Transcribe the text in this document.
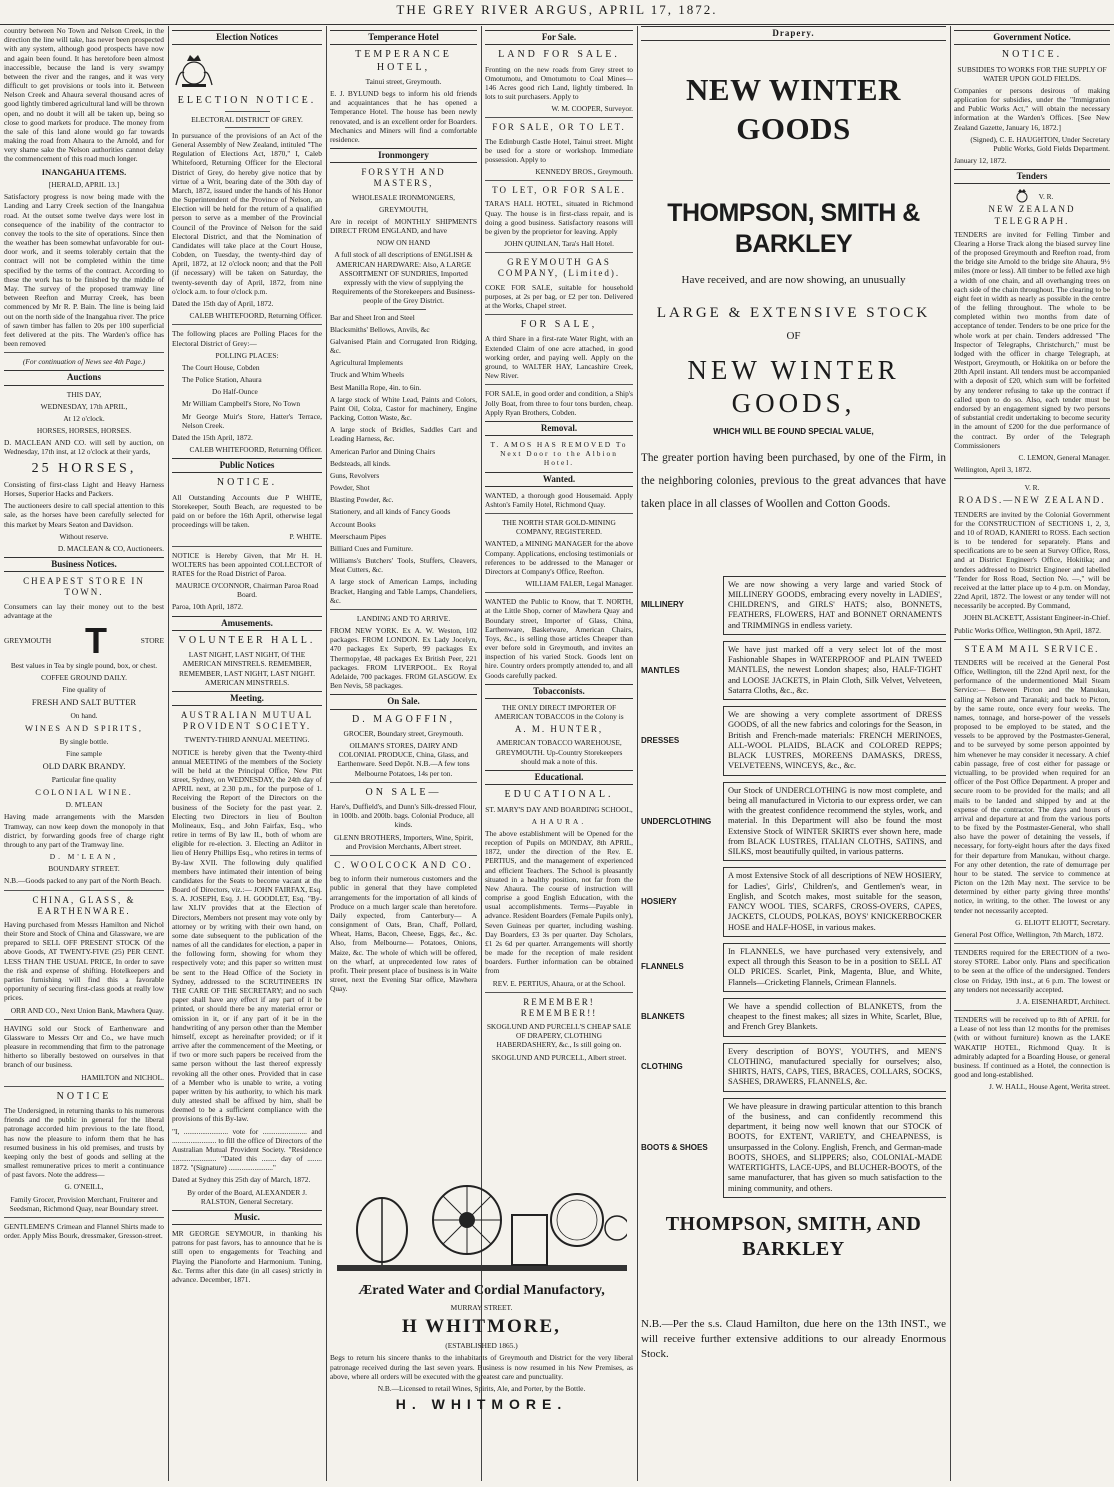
THE GREY RIVER ARGUS, APRIL 17, 1872.

country between No Town and Nelson Creek, in the direction the line will take, has never been prospected with any system, although good prospects have now and again been found. It has heretofore been almost inaccessible, because the land is very swampy between the river and the ranges, and it was very difficult to get provisions or tools into it. Between Nelson Creek and Ahaura several thousand acres of good lightly timbered agricultural land will be thrown open, and no doubt it will all be taken up, being so close to good markets for produce. The money from the sale of this land alone would go far towards making the road from Ahaura to the Arnold, and for very shame sake the Nelson authorities cannot delay the commencement of this road much longer.

INANGAHUA ITEMS.

[HERALD, APRIL 13.]

Satisfactory progress is now being made with the Landing and Larry Creek section of the Inangahua road. At the outset some twelve days were lost in consequence of the inability of the contractor to convey the tools to the site of operations. Since then the weather has been somewhat unfavorable for out-door work, and it seems tolerably certain that the contract will not be completed within the time specified by the terms of the contract. According to these the work has to be finished by the middle of May. The survey of the proposed tramway line between Reefton and Murray Creek, has been commenced by Mr R. P. Bain. The line is being laid out on the north side of the Inangahua river. The price of sawn timber has fallen to 20s per 100 superficial feet delivered at the pits. The Warden's office has been removed

(For continuation of News see 4th Page.)

Auctions

THIS DAY,

WEDNESDAY, 17th APRIL,

At 12 o'clock.

HORSES, HORSES, HORSES.

D. MACLEAN AND CO. will sell by auction, on Wednesday, 17th inst, at 12 o'clock at their yards,

25 HORSES,

Consisting of first-class Light and Heavy Harness Horses, Superior Hacks and Packers.

The auctioneers desire to call special attention to this sale, as the horses have been carefully selected for this market by Mears Seaton and Davidson.

Without reserve.

D. MACLEAN & CO, Auctioneers.

Business Notices.

CHEAPEST STORE IN TOWN.

Consumers can lay their money out to the best advantage at the

GREYMOUTH T	STORE

Best values in Tea by single pound, box, or chest.

COFFEE GROUND DAILY.

Fine quality of

FRESH AND SALT BUTTER

On hand.

WINES AND SPIRITS,

By single bottle.

Fine sample

OLD DARK BRANDY.

Particular fine quality

COLONIAL WINE.

D. M'LEAN

Having made arrangements with the Marsden Tramway, can now keep down the monopoly in that district, by forwarding goods free of charge right through to any part of the Tramway line.

D. M'LEAN,

BOUNDARY STREET.

N.B.—Goods packed to any part of the North Beach.

CHINA, GLASS, & EARTHENWARE.

Having purchased from Messrs Hamilton and Nichol their Store and Stock of China and Glassware, we are prepared to SELL OFF PRESENT STOCK Of the above Goods, AT TWENTY-FIVE (25) PER CENT. LESS THAN THE USUAL PRICE, In order to save the risk and expense of shifting. Hotelkeepers and parties furnishing will find this a favorable opportunity of securing first-class goods at really low prices.

ORR AND CO., Next Union Bank, Mawhera Quay.

HAVING sold our Stock of Earthenware and Glassware to Messrs Orr and Co., we have much pleasure in recommending that firm to the patronage hitherto so liberally bestowed on ourselves in that branch of our business.

HAMILTON and NICHOL.

NOTICE

The Undersigned, in returning thanks to his numerous friends and the public in general for the liberal patronage accorded him previous to the late flood, has now the pleasure to inform them that he has resumed business in his old premises, and trusts by keeping only the best of goods and selling at the smallest remunerative prices to merit a continuance of past favors. Note the address—

G. O'NEILL,

Family Grocer, Provision Merchant, Fruiterer and Seedsman, Richmond Quay, near Boundary street.

GENTLEMEN'S Crimean and Flannel Shirts made to order. Apply Miss Bourk, dressmaker, Gresson-street.

Election Notices

ELECTION NOTICE.

ELECTORAL DISTRICT OF GREY.

In pursuance of the provisions of an Act of the General Assembly of New Zealand, intituled "The Regulation of Elections Act, 1870," I, Caleb Whitefoord, Returning Officer for the Electoral District of Grey, do hereby give notice that by virtue of a Writ, bearing date of the 30th day of March, 1872, issued under the hands of his Honor the Superintendent of the Province of Nelson, an Election will be held for the return of a qualified person to serve as a member of the Provincial Council of the Province of Nelson for the said Electoral District, and that the Nomination of Candidates will take place at the Court House, Cobden, on Tuesday, the twenty-third day of April, 1872, at 12 o'clock noon; and that the Poll (if necessary) will be taken on Saturday, the twenty-seventh day of April, 1872, from nine o'clock a.m. to four o'clock p.m.

Dated the 15th day of April, 1872.

CALEB WHITEFOORD, Returning Officer.

The following places are Polling Places for the Electoral District of Grey:—

POLLING PLACES:

The Court House, Cobden

The Police Station, Ahaura

Do Half-Ounce

Mr William Campbell's Store, No Town

Mr George Muir's Store, Hatter's Terrace, Nelson Creek.

Dated the 15th April, 1872.

CALEB WHITEFOORD, Returning Officer.

Public Notices

NOTICE.

All Outstanding Accounts due P WHITE, Storekeeper, South Beach, are requested to be paid on or before the 16th April, otherwise legal proceedings will be taken.

P. WHITE.

NOTICE is Hereby Given, that Mr H. H. WOLTERS has been appointed COLLECTOR of RATES for the Road District of Paroa.

MAURICE O'CONNOR, Chairman Paroa Road Board.

Paroa, 10th April, 1872.

Amusements.

VOLUNTEER HALL.

LAST NIGHT, LAST NIGHT, Of THE AMERICAN MINSTRELS. REMEMBER, REMEMBER, LAST NIGHT, LAST NIGHT. AMERICAN MINSTRELS.

Meeting.

AUSTRALIAN MUTUAL PROVIDENT SOCIETY.

TWENTY-THIRD ANNUAL MEETING.

NOTICE is hereby given that the Twenty-third annual MEETING of the members of the Society will be held at the Principal Office, New Pitt street, Sydney, on WEDNESDAY, the 24th day of APRIL next, at 2.30 p.m., for the purpose of 1. Receiving the Report of the Directors on the business of the Society for the past year. 2. Electing two Directors in lieu of Boulton Molineaux, Esq., and John Fairfax, Esq., who retire in terms of By law II., both of whom are eligible for re-election. 3. Electing an Adiitor in lieu of Henry Phillips Esq., who retires in terms of By-law XVII. The following duly qualified members have intimated their intention of being candidates for the Seats to become vacant at the Board of Directors, viz.:— JOHN FAIRFAX, Esq. S. A. JOSEPH, Esq. J. H. GOODLET, Esq. "By-law XLIV provides that at the Election of Directors, Members not present may vote only by attorney or by writing with their own hand, on some date subsequent to the publication of the names of all the candidates for election, a paper in the following form, showing for whom they respectively vote; and this paper so written must be sent to the Head Office of the Society in Sydney, addressed to the SCRUTINEERS IN THE CARE OF THE SECRETARY; and no such paper shall have any effect if any part of it be printed, or should there be any material error or omission in it, or if any part of it be in the handwriting of any person other than the Member himself, except as hereinafter provided; or if it arrive after the commencement of the Meeting, or if two or more such papers be received from the same person without the last thereof expressly revoking all the other ones. Provided that in case of a Member who is unable to write, a voting paper written by his authority, to which his mark duly attested shall be affixed by him, shall be deemed to be a sufficient compliance with the provisions of this By-law.

"I, ........................ vote for ........................ and ........................ to fill the office of Directors of the Australian Mutual Provident Society. "Residence ........................ "Dated this ........ day of ........ 1872. "(Signature) ........................"

Dated at Sydney this 25th day of March, 1872.

By order of the Board, ALEXANDER J. RALSTON, General Secretary.

Music.

MR GEORGE SEYMOUR, in thanking his patrons for past favors, has to announce that he is still open to engagements for Teaching and Playing the Pianoforte and Harmonium. Tuning, &c. Terms after this date (in all cases) strictly in advance. December, 1871.

Temperance Hotel

TEMPERANCE HOTEL,

Tainui street, Greymouth.

E. J. BYLUND begs to inform his old friends and acquaintances that he has opened a Temperance Hotel. The house has been newly renovated, and is an excellent order for Boarders. Mechanics and Miners will find a comfortable residence.

Ironmongery

FORSYTH AND MASTERS,

WHOLESALE IRONMONGERS,

GREYMOUTH,

Are in receipt of MONTHLY SHIPMENTS DIRECT FROM ENGLAND, and have

NOW ON HAND

A full stock of all descriptions of ENGLISH & AMERICAN HARDWARE: Also, A LARGE ASSORTMENT OF SUNDRIES, Imported expressly with the view of supplying the Requirements of the Storekeepers and Business-people of the Grey District.

Bar and Sheet Iron and Steel

Blacksmiths' Bellows, Anvils, &c

Galvanised Plain and Corrugated Iron Ridging, &c.

Agricultural Implements

Truck and Whim Wheels

Best Manilla Rope, 4in. to 6in.

A large stock of White Lead, Paints and Colors, Paint Oil, Colza, Castor for machinery, Engine Packing, Cotton Waste, &c.

A large stock of Bridles, Saddles Cart and Leading Harness, &c.

American Parlor and Dining Chairs

Bedsteads, all kinds.

Guns, Revolvers

Powder, Shot

Blasting Powder, &c.

Stationery, and all kinds of Fancy Goods

Account Books

Meerschaum Pipes

Billiard Cues and Furniture.

Williams's Butchers' Tools, Stuffers, Cleavers, Meat Cutters, &c.

A large stock of American Lamps, including Bracket, Hanging and Table Lamps, Chandeliers, &c.

LANDING AND TO ARRIVE.

FROM NEW YORK. Ex A. W. Weston, 102 packages. FROM LONDON. Ex Lady Jocelyn, 470 packages Ex Superb, 99 packages Ex Thermopylae, 48 packages Ex British Peer, 221 packages. FROM LIVERPOOL. Ex Royal Adelaide, 700 packages. FROM GLASGOW. Ex Ben Nevis, 58 packages.

On Sale.

D. MAGOFFIN,

GROCER, Boundary street, Greymouth.

OILMAN'S STORES, DAIRY AND COLONIAL PRODUCE, China, Glass, and Earthenware. Seed Depôt. N.B.—A few tons Melbourne Potatoes, 14s per ton.

ON SALE—

Hare's, Duffield's, and Dunn's Silk-dressed Flour, in 100lb. and 200lb. bags. Colonial Produce, all kinds.

GLENN BROTHERS, Importers, Wine, Spirit, and Provision Merchants, Albert street.

C. WOOLCOCK AND CO.

beg to inform their numerous customers and the public in general that they have completed arrangements for the importation of all kinds of Produce on a much larger scale than heretofore. Daily expected, from Canterbury— A consignment of Oats, Bran, Chaff, Pollard, Wheat, Hams, Bacon, Cheese, Eggs, &c., &c. Also, from Melbourne— Potatoes, Onions, Maize, &c. The whole of which will be offered, on the wharf, at unprecedented low rates of profit. Their present place of business is in Waite street, next the Evening Star office, Mawhera Quay.

For Sale.

LAND FOR SALE.

Fronting on the new roads from Grey street to Omotumotu, and Omotumotu to Coal Mines—146 Acres good rich Land, lightly timbered. In lots to suit purchasers. Apply to

W. M. COOPER, Surveyor.

FOR SALE, OR TO LET.

The Edinburgh Castle Hotel, Tainui street. Might be used for a store or workshop. Immediate possession. Apply to

KENNEDY BROS., Greymouth.

TO LET, OR FOR SALE.

TARA'S HALL HOTEL, situated in Richmond Quay. The house is in first-class repair, and is doing a good business. Satisfactory reasons will be given by the proprietor for leaving. Apply

JOHN QUINLAN, Tara's Hall Hotel.

GREYMOUTH GAS COMPANY, (Limited).

COKE FOR SALE, suitable for household purposes, at 2s per bag, or £2 per ton. Delivered at the Works, Chapel street.

FOR SALE,

A third Share in a first-rate Water Right, with an Extended Claim of one acre attached, in good working order, and paying well. Apply on the ground, to WALTER HAY, Lancashire Creek, New River.

FOR SALE, in good order and condition, a Ship's Jolly Boat, from three to four tons burden, cheap. Apply Ryan Brothers, Cobden.

Removal.

T. AMOS HAS REMOVED To Next Door to the Albion Hotel.

Wanted.

WANTED, a thorough good Housemaid. Apply Ashton's Family Hotel, Richmond Quay.

THE NORTH STAR GOLD-MINING COMPANY, REGISTERED.

WANTED, a MINING MANAGER for the above Company. Applications, enclosing testimonials or references to be addressed to the Manager or Directors at Company's Office, Reefton.

WILLIAM FALER, Legal Manager.

WANTED the Public to Know, that T. NORTH, at the Little Shop, corner of Mawhera Quay and Boundary street, Importer of Glass, China, Earthenware, Basketware, American Chairs, Toys, &c., is selling those articles Cheaper than ever before sold in Greymouth, and invites an inspection of his varied Stock. Goods lent on hire. Country orders promptly attended to, and all Goods carefully packed.

Tobacconists.

THE ONLY DIRECT IMPORTER OF AMERICAN TOBACCOS in the Colony is

A. M. HUNTER,

AMERICAN TOBACCO WAREHOUSE, GREYMOUTH. Up-Country Storekeepers should mak a note of this.

Educational.

EDUCATIONAL.

ST. MARY'S DAY AND BOARDING SCHOOL,

AHAURA.

The above establishment will be Opened for the reception of Pupils on MONDAY, 8th APRIL, 1872, under the direction of the Rev. E. PERTIUS, and the management of experienced and efficient Teachers. The School is pleasantly situated in a healthy position, not far from the New Ahaura. The course of instruction will comprise a good English Education, with the usual accomplishments. Terms—Payable in advance. Resident Boarders (Female Pupils only), Seven Guineas per quarter, including washing. Day Boarders, £3 3s per quarter. Day Scholars, £1 2s 6d per quarter. Arrangements will shortly be made for the reception of male resident boarders. Further information can be obtained from

REV. E. PERTIUS, Ahaura, or at the School.

REMEMBER! REMEMBER!!

SKOGLUND AND PURCELL'S CHEAP SALE OF DRAPERY, CLOTHING HABERDASHERY, &c., Is still going on.

SKOGLUND AND PURCELL, Albert street.

Ærated Water and Cordial Manufactory,

MURRAY STREET.

H WHITMORE,

(ESTABLISHED 1865.)

Begs to return his sincere thanks to the inhabitants of Greymouth and District for the very liberal patronage received during the last seven years. Business is now resumed in his New Premises, as above, where all orders will be executed with the greatest care and punctuality.

N.B.—Licensed to retail Wines, Spirits, Ale, and Porter, by the Bottle.

H. WHITMORE.

Drapery.
NEW WINTER GOODS
THOMPSON, SMITH & BARKLEY
Have received, and are now showing, an unusually
LARGE & EXTENSIVE STOCK
OF
NEW WINTER GOODS,
WHICH WILL BE FOUND SPECIAL VALUE,
The greater portion having been purchased, by one of the Firm, in the neighboring colonies, previous to the great advances that have taken place in all classes of Woollen and Cotton Goods.
MILLINERY
We are now showing a very large and varied Stock of MILLINERY GOODS, embracing every novelty in LADIES', CHILDREN'S, and GIRLS' HATS; also, BONNETS, FEATHERS, FLOWERS, HAT and BONNET ORNAMENTS and TRIMMINGS in endless variety.
MANTLES
We have just marked off a very select lot of the most Fashionable Shapes in WATERPROOF and PLAIN TWEED MANTLES, the newest London shapes; also, HALF-TIGHT and LOOSE JACKETS, in Plain Cloth, Silk Velvet, Velveteen, Satarra Cloths, &c., &c.
DRESSES
We are showing a very complete assortment of DRESS GOODS, of all the new fabrics and colorings for the Season, in British and French-made materials: FRENCH MERINOES, ALL-WOOL PLAIDS, BLACK and COLORED REPPS; BLACK LUSTRES, MOREENS DAMASKS, DRESS, VELVETEENS, WINCEYS, &c., &c.
UNDERCLOTHING
Our Stock of UNDERCLOTHING is now most complete, and being all manufactured in Victoria to our express order, we can with the greatest confidence recommend the styles, work, and material. In this Department will also be found the most Extensive Stock of WINTER SKIRTS ever shown here, made from BLACK LUSTRES, ITALIAN CLOTHS, SATINS, and SILKS, most beautifully quilted, in various patterns.
HOSIERY
A most Extensive Stock of all descriptions of NEW HOSIERY, for Ladies', Girls', Children's, and Gentlemen's wear, in English, and Scotch makes, most suitable for the season, FANCY WOOL TIES, SCARFS, CROSS-OVERS, CAPES, JACKETS, CLOUDS, POLKAS, BOYS' KNICKERBOCKER HOSE and HALF-HOSE, in various makes.
FLANNELS
In FLANNELS, we have purchased very extensively, and expect all through this Season to be in a position to SELL AT OLD PRICES. Scarlet, Pink, Magenta, Blue, and White, Flannels—Cricketing Flannels, Crimean Flannels.
BLANKETS
We have a spendid collection of BLANKETS, from the cheapest to the finest makes; all sizes in White, Scarlet, Blue, and French Grey Blankets.
CLOTHING
Every description of BOYS', YOUTH'S, and MEN'S CLOTHING, manufactured specially for ourselves; also, SHIRTS, HATS, CAPS, TIES, BRACES, COLLARS, SOCKS, SASHES, DRAWERS, FLANNELS, &c.
BOOTS & SHOES
We have pleasure in drawing particular attention to this branch of the business, and can confidently recommend this department, it being now well known that our STOCK of BOOTS, for EXTENT, VARIETY, and CHEAPNESS, is unsurpassed in the Colony. English, French, and German-made BOOTS, SHOES, and SLIPPERS; also, COLONIAL-MADE WATERTIGHTS, LACE-UPS, and BLUCHER-BOOTS, of the same manufacturer, that has given so much satisfaction to the mining community, and others.
THOMPSON, SMITH, AND BARKLEY
N.B.—Per the s.s. Claud Hamilton, due here on the 13th INST., we will receive further extensive additions to our already Enormous Stock.
Government Notice.

NOTICE.

SUBSIDIES TO WORKS FOR THE SUPPLY OF WATER UPON GOLD FIELDS.

Companies or persons desirous of making application for subsidies, under the "Immigration and Public Works Act," will obtain the necessary information at the Warden's Offices. [See New Zealand Gazette, January 16, 1872.]

(Signed), C. E. HAUGHTON, Under Secretary Public Works, Gold Fields Department.

January 12, 1872.

Tenders
V. R.

NEW ZEALAND TELEGRAPH.

TENDERS are invited for Felling Timber and Clearing a Horse Track along the biased survey line of the proposed Greymouth and Reefton road, from the bridge site Arnold to the bridge site Ahaura, 9½ miles (more or less). All timber to be felled axe high a width of one chain, and all overhanging trees on each side of the chain throughout. The clearing to be eight feet in width as nearly as possible in the centre of the felling throughout. The whole to be completed within two months from date of acceptance of tender. Tenders to be one price for the whole work at per chain. Tenders addressed "The Inspector of Telegraphs, Christchurch," must be lodged with the officer in charge Telegraph, at Westport, Greymouth, or Hokitika on or before the 20th April instant. All tenders must be accompanied with a deposit of £20, which sum will be forfeited by any tenderer refusing to take up the contract if called upon to do so. Also, each tender must be endorsed by an engagement signed by two persons of substantial credit undertaking to become security in the amount of £200 for the due performance of the contract. By order of the Telegraph Commissioners

C. LEMON, General Manager.

Wellington, April 3, 1872.

V. R.

ROADS.—NEW ZEALAND.

TENDERS are invited by the Colonial Government for the CONSTRUCTION of SECTIONS 1, 2, 3, and 10 of ROAD, KANIERI to ROSS. Each section is to be tendered for separately. Plans and specifications are to be seen at Survey Office, Ross, and at District Engineer's Office, Hokitika; and tenders addressed to District Engineer and labelled "Tender for Ross Road, Section No. —," will be received at the latter place up to 4 p.m. on Monday, 22nd April, 1872. The lowest or any tender will not necessarily be accepted. By Command,

JOHN BLACKETT, Assistant Engineer-in-Chief.

Public Works Office, Wellington, 9th April, 1872.

STEAM MAIL SERVICE.

TENDERS will be received at the General Post Office, Wellington, till the 22nd April next, for the performance of the undermentioned Mail Steam Service:— Between Picton and the Manukau, calling at Nelson and Taranaki; and back to Picton, by the same route, once every four weeks. The names, tonnage, and horse-power of the vessels proposed to be employed to be stated, and the vessels to be approved by the Postmaster-General, and to be surveyed by some person appointed by him whenever he may consider it necessary. A chief cabin passage, free of cost either for passage or victualling, to be provided when required for an officer of the Post Office Department. A proper and secure room to be provided for the mails; and all mails to be landed and shipped by and at the expense of the contractor. The days and hours of arrival and departure at and from the various ports to be fixed by the Postmaster-General, who shall also have the power of detaining the vessels, if necessary, for forty-eight hours after the days fixed for their departure from Manukau, without charge. For any other detention, the rate of demurrage per hour to be stated. The service to commence at Picton on the 12th May next. The service to be determined by either party giving three months' notice, in writing, to the other. The lowest or any tender not necessarily accepted.

G. ELIOTT ELIOTT, Secretary.

General Post Office, Wellington, 7th March, 1872.

TENDERS required for the ERECTION of a two-storey STORE. Labor only. Plans and specification to be seen at the office of the undersigned. Tenders close on Friday, 19th inst., at 6 p.m. The lowest or any tenders not necessarily accepted.

J. A. EISENHARDT, Architect.

TENDERS will be received up to 8th of APRIL for a Lease of not less than 12 months for the premises (with or without furniture) known as the LAKE WAKATIP HOTEL, Richmond Quay. It is admirably adapted for a Boarding House, or general business. If continued as a Hotel, the connection is good and long-established.

J. W. HALL, House Agent, Werita street.
